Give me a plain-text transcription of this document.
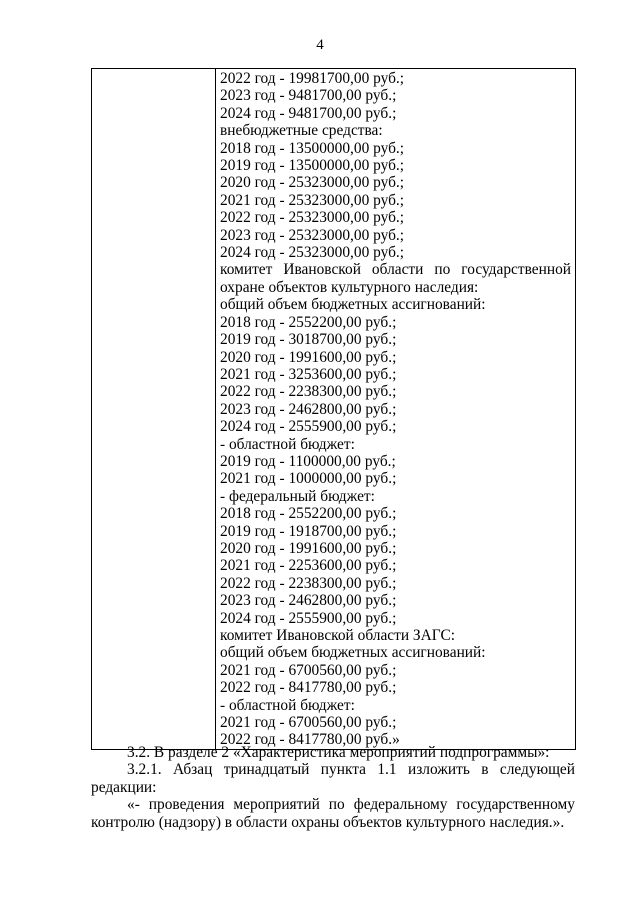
4
2022 год - 19981700,00 руб.;
2023 год - 9481700,00 руб.;
2024 год - 9481700,00 руб.;
внебюджетные средства:
2018 год - 13500000,00 руб.;
2019 год - 13500000,00 руб.;
2020 год - 25323000,00 руб.;
2021 год - 25323000,00 руб.;
2022 год - 25323000,00 руб.;
2023 год - 25323000,00 руб.;
2024 год - 25323000,00 руб.;
комитет Ивановской области по государственной
охране объектов культурного наследия:
общий объем бюджетных ассигнований:
2018 год - 2552200,00 руб.;
2019 год - 3018700,00 руб.;
2020 год - 1991600,00 руб.;
2021 год - 3253600,00 руб.;
2022 год - 2238300,00 руб.;
2023 год - 2462800,00 руб.;
2024 год - 2555900,00 руб.;
- областной бюджет:
2019 год - 1100000,00 руб.;
2021 год - 1000000,00 руб.;
- федеральный бюджет:
2018 год - 2552200,00 руб.;
2019 год - 1918700,00 руб.;
2020 год - 1991600,00 руб.;
2021 год - 2253600,00 руб.;
2022 год - 2238300,00 руб.;
2023 год - 2462800,00 руб.;
2024 год - 2555900,00 руб.;
комитет Ивановской области ЗАГС:
общий объем бюджетных ассигнований:
2021 год - 6700560,00 руб.;
2022 год - 8417780,00 руб.;
- областной бюджет:
2021 год - 6700560,00 руб.;
2022 год - 8417780,00 руб.»

3.2. В разделе 2 «Характеристика мероприятий подпрограммы»:

3.2.1. Абзац тринадцатый пункта 1.1 изложить в следующей редакции:

«- проведения мероприятий по федеральному государственному контролю (надзору) в области охраны объектов культурного наследия.».
